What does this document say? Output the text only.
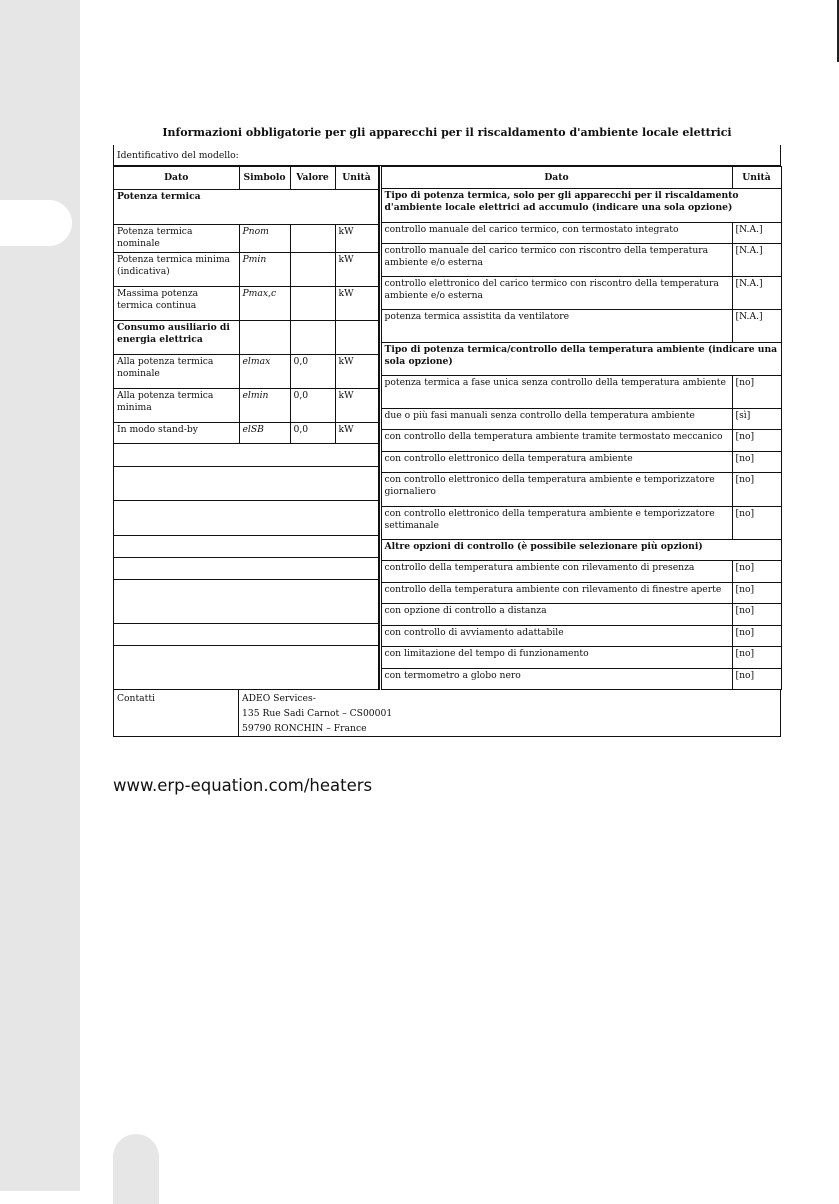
Informazioni obbligatorie per gli apparecchi per il riscaldamento d'ambiente locale elettrici
Identificativo del modello:
Dato	Simbolo	Valore	Unità
Potenza termica			
Potenza termica nominale	Pnom		kW
Potenza termica minima (indicativa)	Pmin		kW
Massima potenza termica continua	Pmax,c		kW
Consumo ausiliario di energia elettrica			
Alla potenza termica nominale	elmax	0,0	kW
Alla potenza termica minima	elmin	0,0	kW
In modo stand-by	elSB	0,0	kW

Dato	Unità
Tipo di potenza termica, solo per gli apparecchi per il riscaldamento d'ambiente locale elettrici ad accumulo (indicare una sola opzione)	
controllo manuale del carico termico, con termostato integrato	[N.A.]
controllo manuale del carico termico con riscontro della temperatura ambiente e/o esterna	[N.A.]
controllo elettronico del carico termico con riscontro della temperatura ambiente e/o esterna	[N.A.]
potenza termica assistita da ventilatore	[N.A.]
Tipo di potenza termica/controllo della temperatura ambiente (indicare una sola opzione)	
potenza termica a fase unica senza controllo della temperatura ambiente	[no]
due o più fasi manuali senza controllo della temperatura ambiente	[sì]
con controllo della temperatura ambiente tramite termostato meccanico	[no]
con controllo elettronico della temperatura ambiente	[no]
con controllo elettronico della temperatura ambiente e temporizzatore giornaliero	[no]
con controllo elettronico della temperatura ambiente e temporizzatore settimanale	[no]
Altre opzioni di controllo (è possibile selezionare più opzioni)	
controllo della temperatura ambiente con rilevamento di presenza	[no]
controllo della temperatura ambiente con rilevamento di finestre aperte	[no]
con opzione di controllo a distanza	[no]
con controllo di avviamento adattabile	[no]
con limitazione del tempo di funzionamento	[no]
con termometro a globo nero	[no]
Contatti	ADEO Services-
135 Rue Sadi Carnot – CS00001
59790 RONCHIN – France
www.erp-equation.com/heaters
